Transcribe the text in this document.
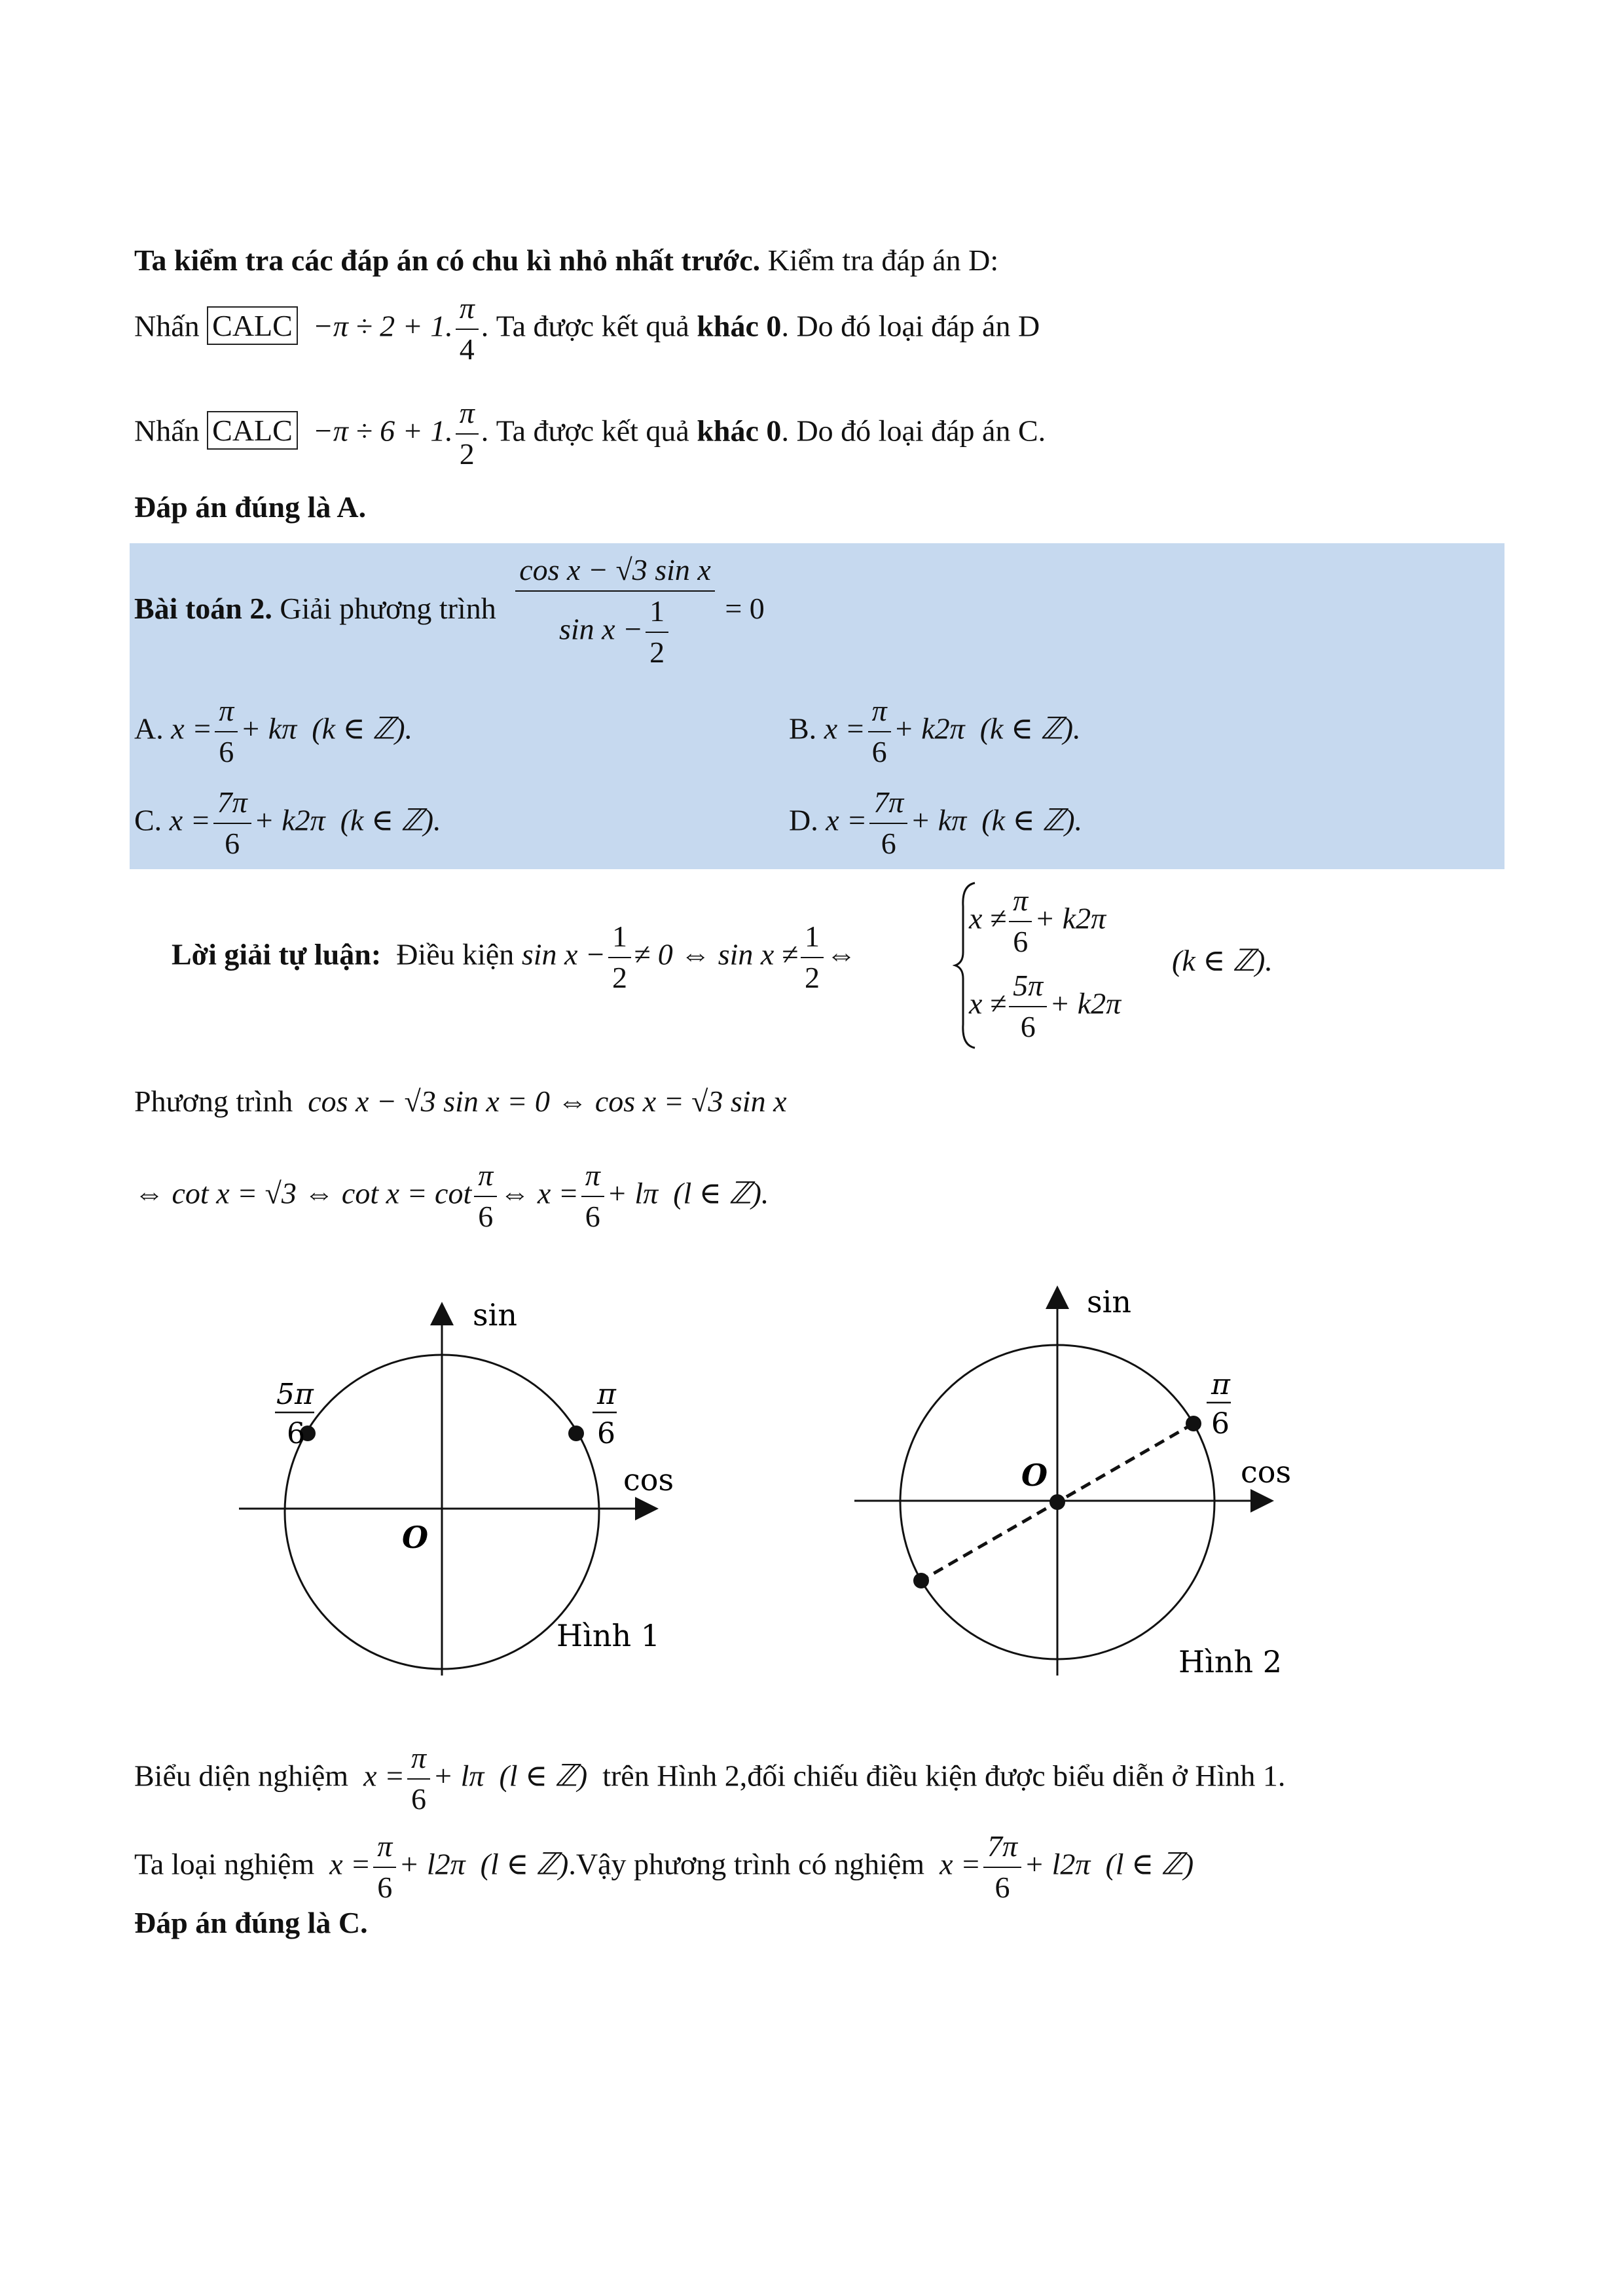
Ta kiểm tra các đáp án có chu kì nhỏ nhất trước. Kiểm tra đáp án D:
Nhấn CALC −π ÷ 2 + 1. $\frac{\pi}{4}$ . Ta được kết quả khác 0. Do đó loại đáp án D
Nhấn CALC −π ÷ 6 + 1. $\frac{\pi}{2}$ . Ta được kết quả khác 0. Do đó loại đáp án C.
Đáp án đúng là A.
Bài toán 2. Giải phương trình $\frac{\text{cos x − √3 sin x}}{\sin x - \frac{1}{2}} = 0$
A. $x = \frac{\pi}{6} + k\pi$ (k ∈ ℤ).	B. $x = \frac{\pi}{6} + k2\pi$ (k ∈ ℤ).
C. $x = \frac{7\pi}{6} + k2\pi$ (k ∈ ℤ).	D. $x = \frac{7\pi}{6} + k\pi$ (k ∈ ℤ).
Lời giải tự luận: Điều kiện $\sin x - \frac{1}{2} \ne 0$ ⇔ $\sin x \ne \frac{1}{2}$ ⇔
$x \ne \frac{\pi}{6} + k2\pi$
$x \ne \frac{5\pi}{6} + k2\pi$
(k ∈ ℤ).
Phương trình cos x − √3 sin x = 0 ⇔ cos x = √3 sin x
⇔ cot x = √3 ⇔ $\cot x = \cot \frac{\pi}{6}$ ⇔ $x = \frac{\pi}{6} + l\pi$ (l ∈ ℤ).
sin
cos
O
5π
6
π
6
Hình 1
sin
cos
O
π
6
Hình 2
Biểu diện nghiệm $x = \frac{\pi}{6} + l\pi$ (l ∈ ℤ) trên Hình 2,đối chiếu điều kiện được biểu diễn ở Hình 1.
Ta loại nghiệm $x = \frac{\pi}{6} + l2\pi$ (l ∈ ℤ).Vậy phương trình có nghiệm $x = \frac{7\pi}{6} + l2\pi$ (l ∈ ℤ)
Đáp án đúng là C.
